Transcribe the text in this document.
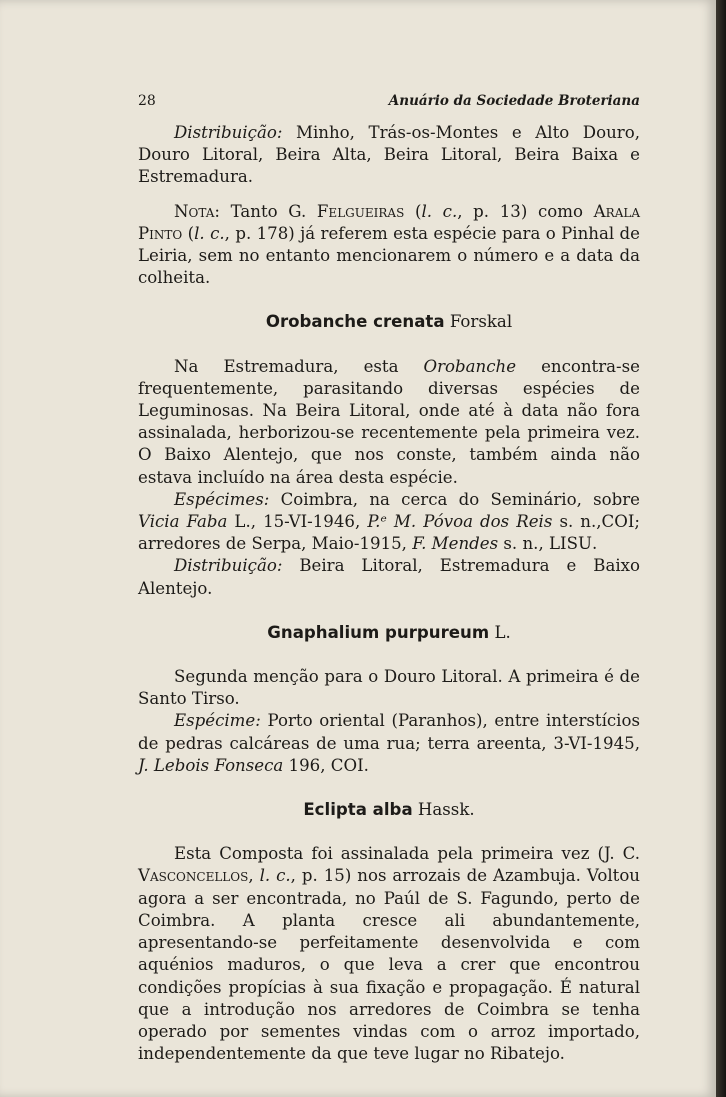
28	Anuário da Sociedade Broteriana

Distribuição: Minho, Trás-os-Montes e Alto Douro, Douro Litoral, Beira Alta, Beira Litoral, Beira Baixa e Estremadura.

Nota: Tanto G. Felgueiras (l. c., p. 13) como Arala Pinto (l. c., p. 178) já referem esta espécie para o Pinhal de Leiria, sem no entanto mencionarem o número e a data da colheita.

Orobanche crenata Forskal

Na Estremadura, esta Orobanche encontra-se frequentemente, parasitando diversas espécies de Leguminosas. Na Beira Litoral, onde até à data não fora assinalada, herborizou-se recentemente pela primeira vez. O Baixo Alentejo, que nos conste, também ainda não estava incluído na área desta espécie.

Espécimes: Coimbra, na cerca do Seminário, sobre Vicia Faba L., 15-VI-1946, P.ᵉ M. Póvoa dos Reis s. n.,COI; arredores de Serpa, Maio-1915, F. Mendes s. n., LISU.

Distribuição: Beira Litoral, Estremadura e Baixo Alentejo.

Gnaphalium purpureum L.

Segunda menção para o Douro Litoral. A primeira é de Santo Tirso.

Espécime: Porto oriental (Paranhos), entre interstícios de pedras calcáreas de uma rua; terra areenta, 3-VI-1945, J. Lebois Fonseca 196, COI.

Eclipta alba Hassk.

Esta Composta foi assinalada pela primeira vez (J. C. Vasconcellos, l. c., p. 15) nos arrozais de Azambuja. Voltou agora a ser encontrada, no Paúl de S. Fagundo, perto de Coimbra. A planta cresce ali abundantemente, apresentando-se perfeitamente desenvolvida e com aquénios maduros, o que leva a crer que encontrou condições propícias à sua fixação e propagação. É natural que a introdução nos arredores de Coimbra se tenha operado por sementes vindas com o arroz importado, independentemente da que teve lugar no Ribatejo.
